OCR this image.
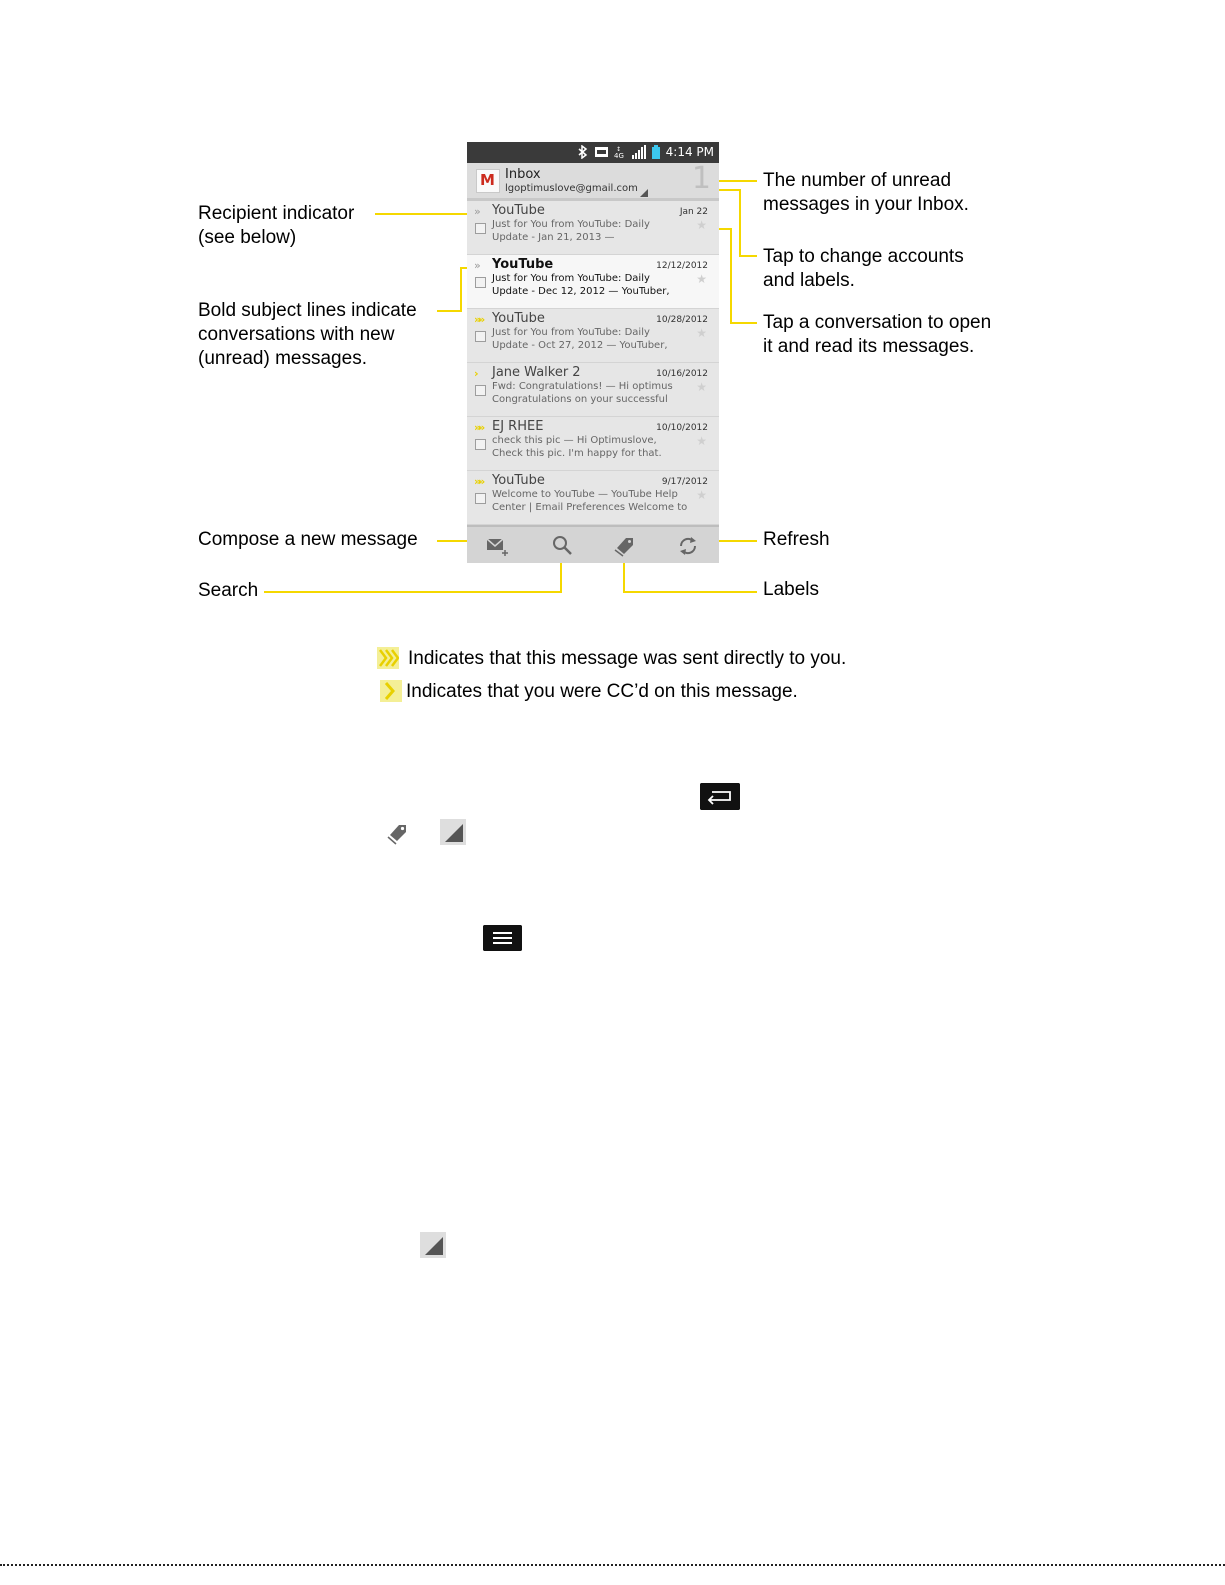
4G
↕	4:14 PM
M Inbox
lgoptimuslove@gmail.com 1
» YouTube	Jan 22
Just for You from YouTube: Daily
Update - Jan 21, 2013 —
★
» YouTube	12/12/2012
Just for You from YouTube: Daily
Update - Dec 12, 2012 — YouTuber,
★
»» YouTube	10/28/2012
Just for You from YouTube: Daily
Update - Oct 27, 2012 — YouTuber,
★
› Jane Walker 2	10/16/2012
Fwd: Congratulations! — Hi optimus
Congratulations on your successful
★
»» EJ RHEE	10/10/2012
check this pic — Hi Optimuslove,
Check this pic. I'm happy for that.
★
»» YouTube	9/17/2012
Welcome to YouTube — YouTube Help
Center | Email Preferences Welcome to
★
Recipient indicator
(see below)
Bold subject lines indicate
conversations with new
(unread) messages.
Compose a new message
Search
The number of unread
messages in your Inbox.
Tap to change accounts
and labels.
Tap a conversation to open
it and read its messages.
Refresh
Labels
Indicates that this message was sent directly to you.
Indicates that you were CC’d on this message.
